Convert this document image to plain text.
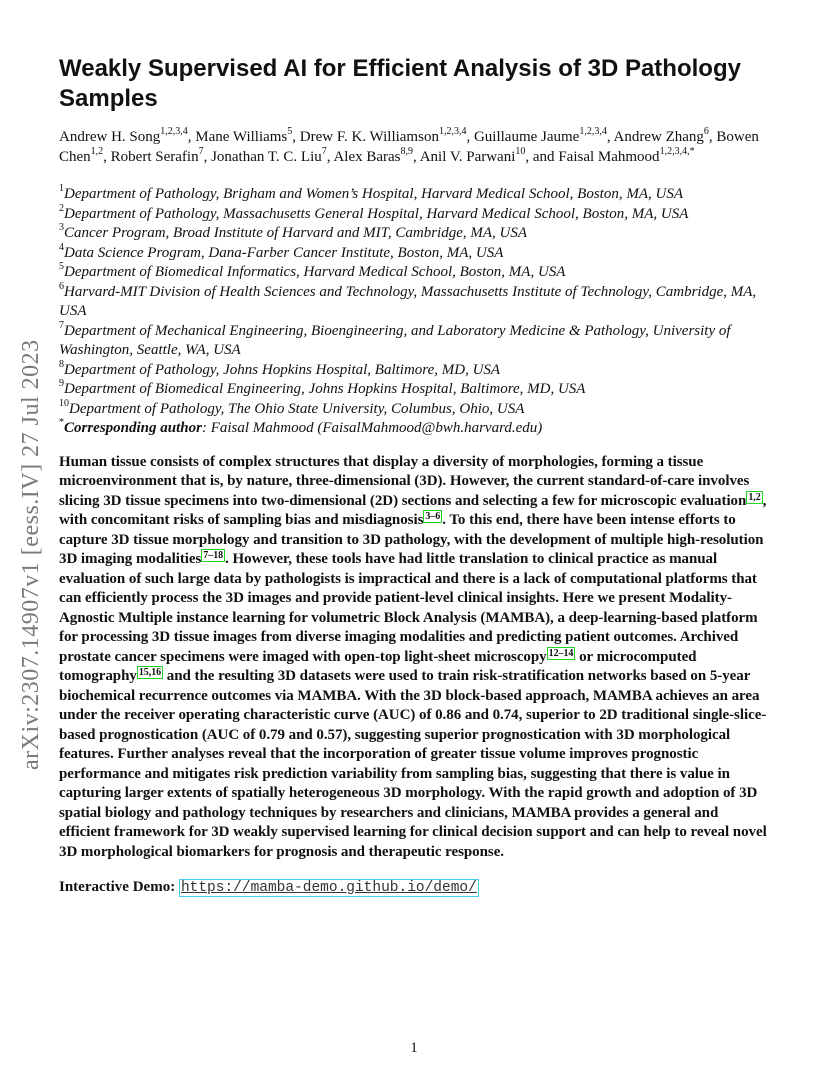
arXiv:2307.14907v1 [eess.IV] 27 Jul 2023
Weakly Supervised AI for Efficient Analysis of 3D Pathology Samples
Andrew H. Song$^{1,2,3,4}$, Mane Williams$^5$, Drew F. K. Williamson$^{1,2,3,4}$, Guillaume Jaume$^{1,2,3,4}$, Andrew Zhang$^6$, Bowen Chen$^{1,2}$, Robert Serafin$^7$, Jonathan T. C. Liu$^7$, Alex Baras$^{8,9}$, Anil V. Parwani$^{10}$, and Faisal Mahmood$^{1,2,3,4,*}$
$^1$Department of Pathology, Brigham and Women’s Hospital, Harvard Medical School, Boston, MA, USA
$^2$Department of Pathology, Massachusetts General Hospital, Harvard Medical School, Boston, MA, USA
$^3$Cancer Program, Broad Institute of Harvard and MIT, Cambridge, MA, USA
$^4$Data Science Program, Dana-Farber Cancer Institute, Boston, MA, USA
$^5$Department of Biomedical Informatics, Harvard Medical School, Boston, MA, USA
$^6$Harvard-MIT Division of Health Sciences and Technology, Massachusetts Institute of Technology, Cambridge, MA, USA
$^7$Department of Mechanical Engineering, Bioengineering, and Laboratory Medicine & Pathology, University of Washington, Seattle, WA, USA
$^8$Department of Pathology, Johns Hopkins Hospital, Baltimore, MD, USA
$^9$Department of Biomedical Engineering, Johns Hopkins Hospital, Baltimore, MD, USA
$^{10}$Department of Pathology, The Ohio State University, Columbus, Ohio, USA
*Corresponding author: Faisal Mahmood (FaisalMahmood@bwh.harvard.edu)
Human tissue consists of complex structures that display a diversity of morphologies, forming a tissue microenvironment that is, by nature, three-dimensional (3D). However, the current standard-of-care involves slicing 3D tissue specimens into two-dimensional (2D) sections and selecting a few for microscopic evaluation $^{1,2}$ , with concomitant risks of sampling bias and misdiagnosis $^{3-6}$ . To this end, there have been intense efforts to capture 3D tissue morphology and transition to 3D pathology, with the development of multiple high-resolution 3D imaging modalities $^{7-18}$ . However, these tools have had little translation to clinical practice as manual evaluation of such large data by pathologists is impractical and there is a lack of computational platforms that can efficiently process the 3D images and provide patient-level clinical insights. Here we present Modality-Agnostic Multiple instance learning for volumetric Block Analysis (MAMBA), a deep-learning-based platform for processing 3D tissue images from diverse imaging modalities and predicting patient outcomes. Archived prostate cancer specimens were imaged with open-top light-sheet microscopy $^{12-14}$ or microcomputed tomography $^{15,16}$ and the resulting 3D datasets were used to train risk-stratification networks based on 5-year biochemical recurrence outcomes via MAMBA. With the 3D block-based approach, MAMBA achieves an area under the receiver operating characteristic curve (AUC) of 0.86 and 0.74, superior to 2D traditional single-slice-based prognostication (AUC of 0.79 and 0.57), suggesting superior prognostication with 3D morphological features. Further analyses reveal that the incorporation of greater tissue volume improves prognostic performance and mitigates risk prediction variability from sampling bias, suggesting that there is value in capturing larger extents of spatially heterogeneous 3D morphology. With the rapid growth and adoption of 3D spatial biology and pathology techniques by researchers and clinicians, MAMBA provides a general and efficient framework for 3D weakly supervised learning for clinical decision support and can help to reveal novel 3D morphological biomarkers for prognosis and therapeutic response.
Interactive Demo: https://mamba-demo.github.io/demo/
1
